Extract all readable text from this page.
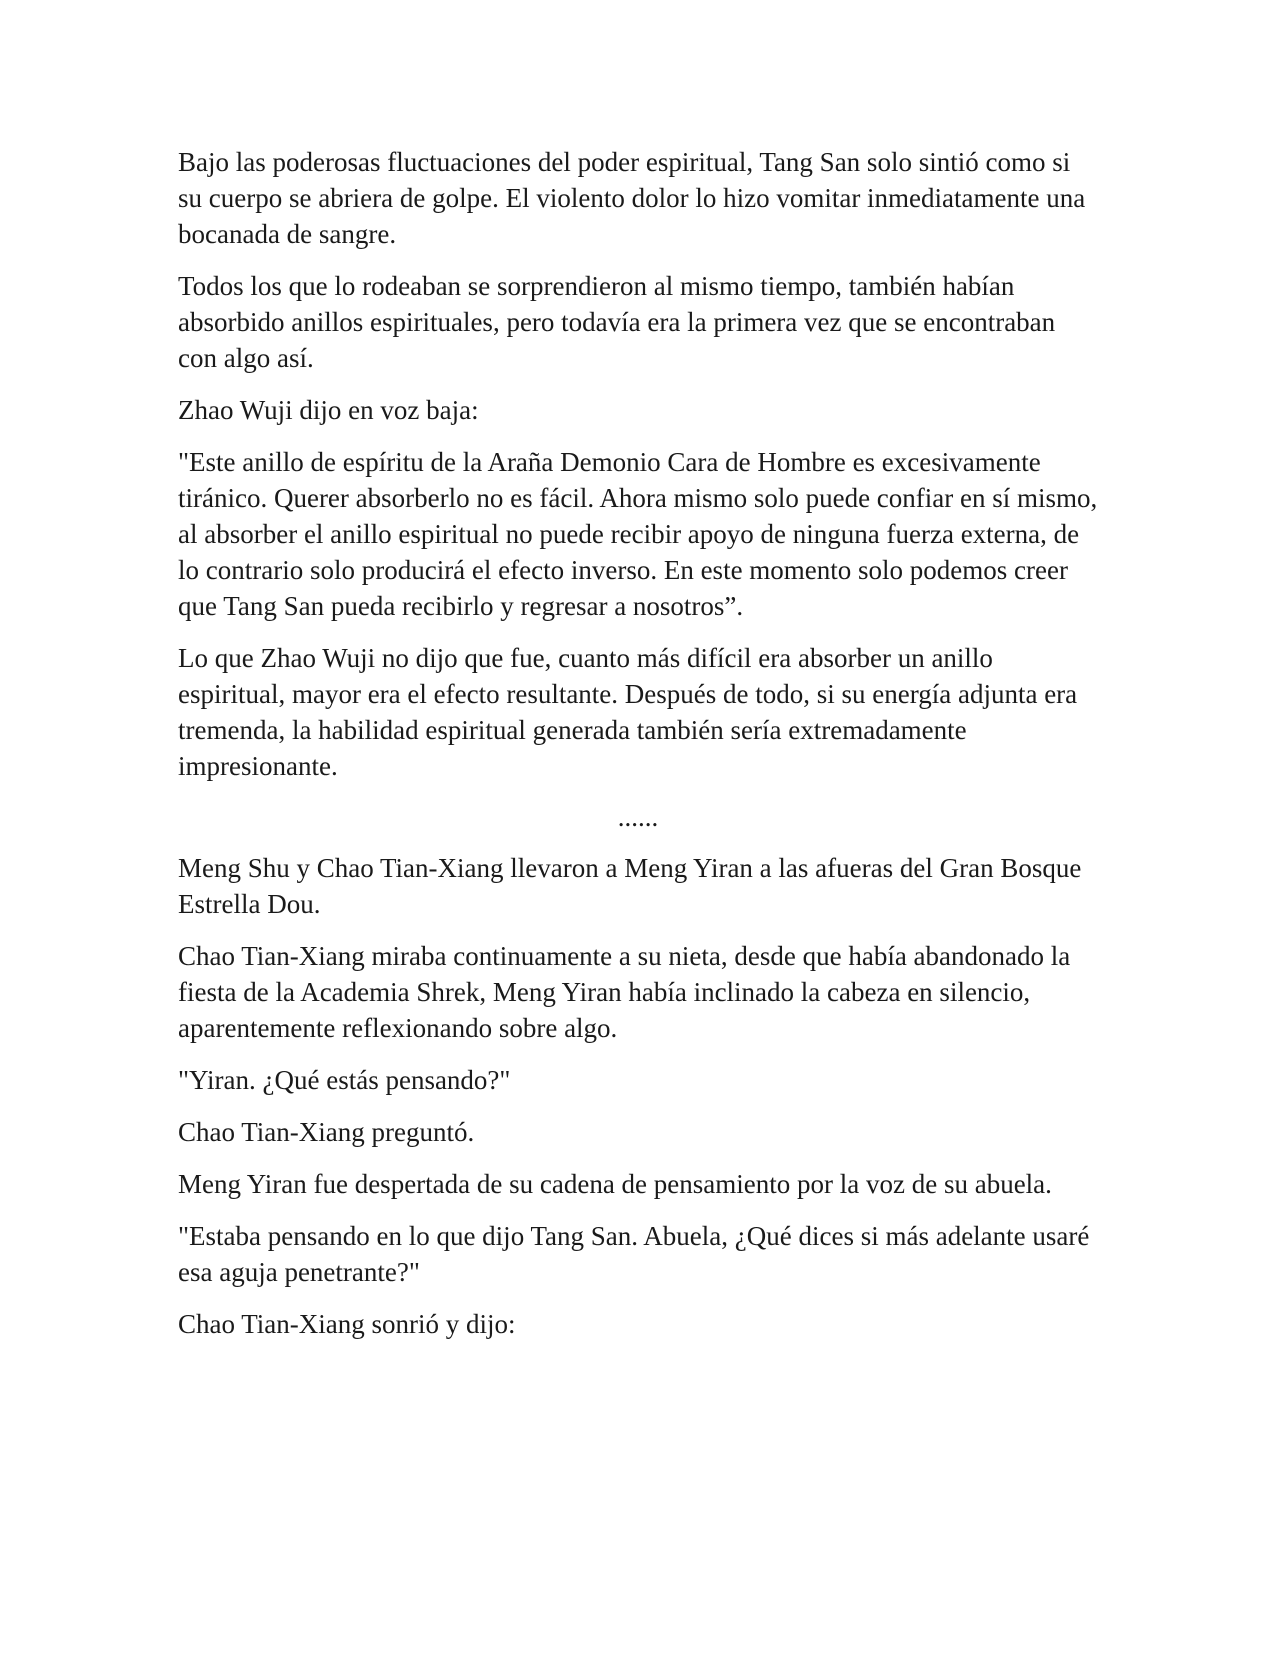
Bajo las poderosas fluctuaciones del poder espiritual, Tang San solo sintió como si su cuerpo se abriera de golpe. El violento dolor lo hizo vomitar inmediatamente una bocanada de sangre.

Todos los que lo rodeaban se sorprendieron al mismo tiempo, también habían absorbido anillos espirituales, pero todavía era la primera vez que se encontraban con algo así.

Zhao Wuji dijo en voz baja:

"Este anillo de espíritu de la Araña Demonio Cara de Hombre es excesivamente tiránico. Querer absorberlo no es fácil. Ahora mismo solo puede confiar en sí mismo, al absorber el anillo espiritual no puede recibir apoyo de ninguna fuerza externa, de lo contrario solo producirá el efecto inverso. En este momento solo podemos creer que Tang San pueda recibirlo y regresar a nosotros”.

Lo que Zhao Wuji no dijo que fue, cuanto más difícil era absorber un anillo espiritual, mayor era el efecto resultante. Después de todo, si su energía adjunta era tremenda, la habilidad espiritual generada también sería extremadamente impresionante.

......

Meng Shu y Chao Tian-Xiang llevaron a Meng Yiran a las afueras del Gran Bosque Estrella Dou.

Chao Tian-Xiang miraba continuamente a su nieta, desde que había abandonado la fiesta de la Academia Shrek, Meng Yiran había inclinado la cabeza en silencio, aparentemente reflexionando sobre algo.

"Yiran. ¿Qué estás pensando?"

Chao Tian-Xiang preguntó.

Meng Yiran fue despertada de su cadena de pensamiento por la voz de su abuela.

"Estaba pensando en lo que dijo Tang San. Abuela, ¿Qué dices si más adelante usaré esa aguja penetrante?"

Chao Tian-Xiang sonrió y dijo:
